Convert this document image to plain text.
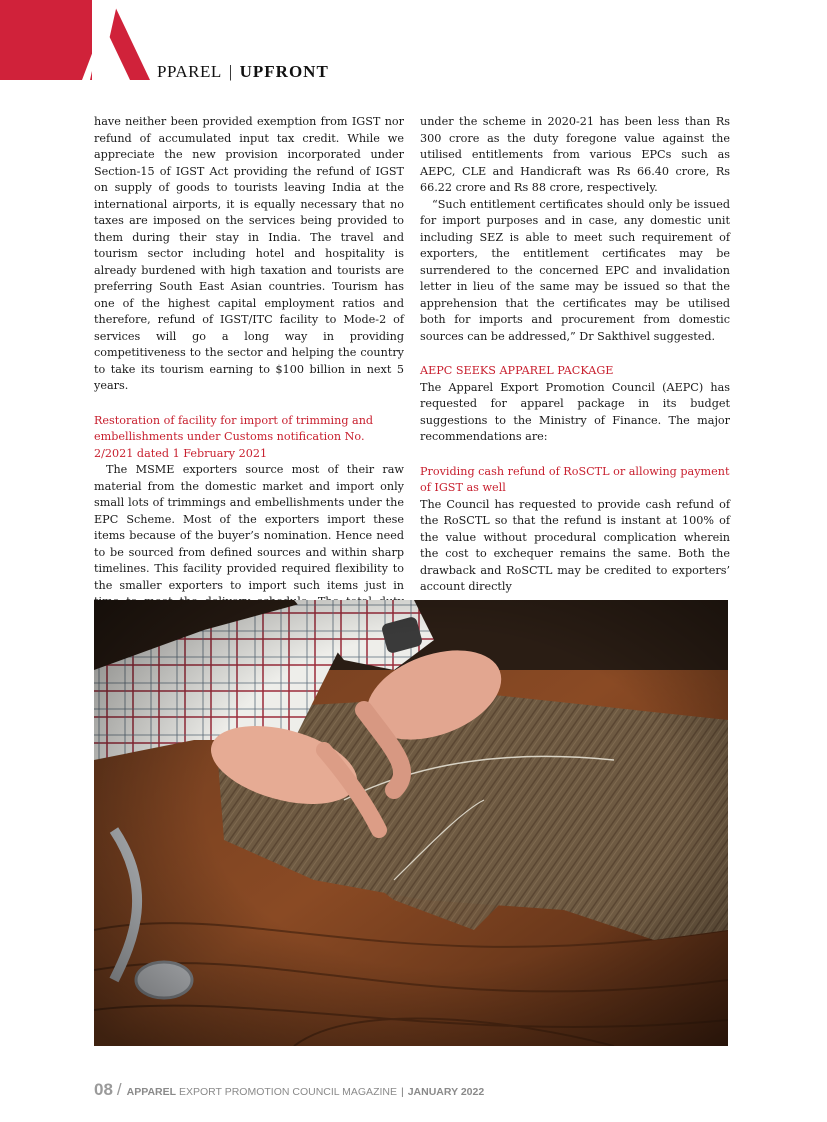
PPAREL | UPFRONT

have neither been provided exemption from IGST nor refund of accumulated input tax credit. While we appreciate the new provision incorporated under Section-15 of IGST Act providing the refund of IGST on supply of goods to tourists leaving India at the international airports, it is equally necessary that no taxes are imposed on the services being provided to them during their stay in India. The travel and tourism sector including hotel and hospitality is already burdened with high taxation and tourists are preferring South East Asian countries. Tourism has one of the highest capital employment ratios and therefore, refund of IGST/ITC facility to Mode-2 of services will go a long way in providing competitiveness to the sector and helping the country to take its tourism earning to $100 billion in next 5 years.

Restoration of facility for import of trimming and embellishments under Customs notification No. 2/2021 dated 1 February 2021

The MSME exporters source most of their raw material from the domestic market and import only small lots of trimmings and embellishments under the EPC Scheme. Most of the exporters import these items because of the buyer’s nomination. Hence need to be sourced from defined sources and within sharp timelines. This facility provided required flexibility to the smaller exporters to import such items just in

under the scheme in 2020-21 has been less than Rs 300 crore as the duty foregone value against the utilised entitlements from various EPCs such as AEPC, CLE and Handicraft was Rs 66.40 crore, Rs 66.22 crore and Rs 88 crore, respectively.

“Such entitlement certificates should only be issued for import purposes and in case, any domestic unit including SEZ is able to meet such requirement of exporters, the entitlement certificates may be surrendered to the concerned EPC and invalidation letter in lieu of the same may be issued so that the apprehension that the certificates may be utilised both for imports and procurement from domestic sources can be addressed,” Dr Sakthivel suggested.

AEPC SEEKS APPAREL PACKAGE

The Apparel Export Promotion Council (AEPC) has requested for apparel package in its budget suggestions to the Ministry of Finance. The major recommendations are:

Providing cash refund of RoSCTL or allowing payment of IGST as well

The Council has requested to provide cash refund of the RoSCTL so that the refund is instant at 100% of the value without procedural complication wherein the cost to exchequer remains the same. Both the drawback and RoSCTL may be credited to exporters’ account directly

08 / APPAREL
EXPORT PROMOTION COUNCIL MAGAZINE | JANUARY 2022
